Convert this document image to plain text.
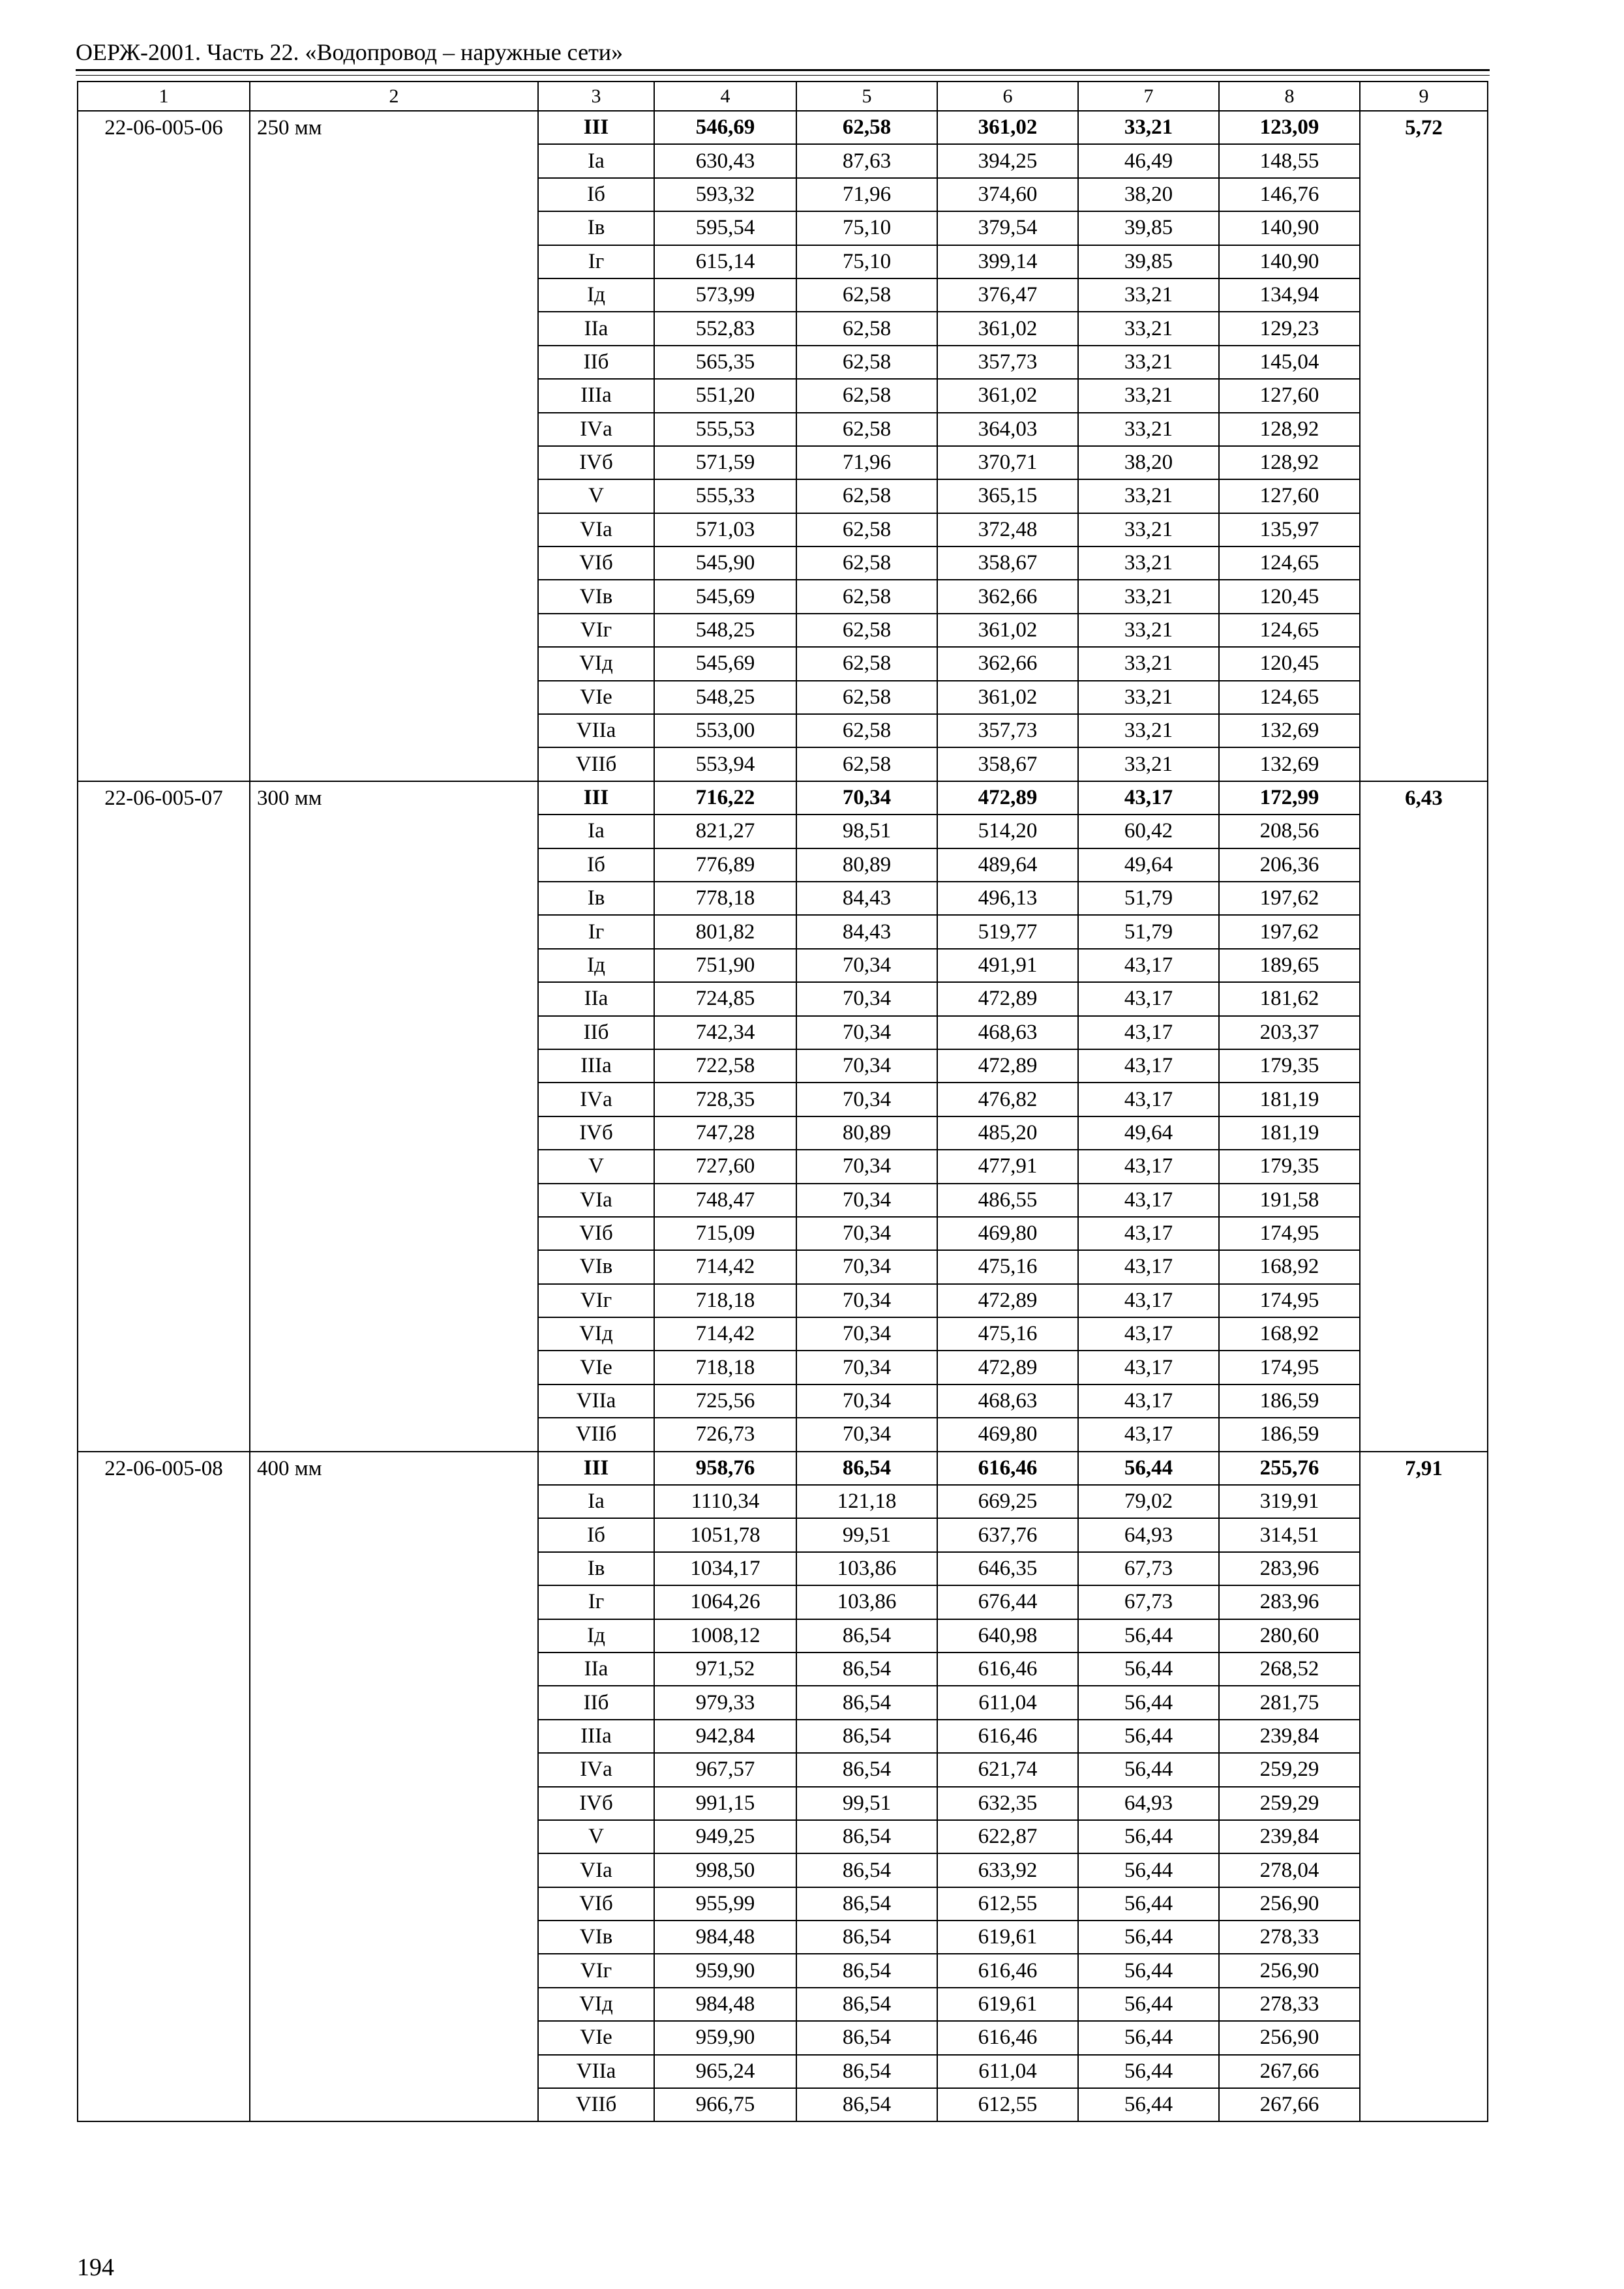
ОЕРЖ-2001. Часть 22. «Водопровод – наружные сети»
1	2	3	4	5	6	7	8	9
22-06-005-06	250 мм	III	546,69	62,58	361,02	33,21	123,09	5,72
		Iа	630,43	87,63	394,25	46,49	148,55	
		Iб	593,32	71,96	374,60	38,20	146,76	
		Iв	595,54	75,10	379,54	39,85	140,90	
		Iг	615,14	75,10	399,14	39,85	140,90	
		Iд	573,99	62,58	376,47	33,21	134,94	
		IIа	552,83	62,58	361,02	33,21	129,23	
		IIб	565,35	62,58	357,73	33,21	145,04	
		IIIа	551,20	62,58	361,02	33,21	127,60	
		IVа	555,53	62,58	364,03	33,21	128,92	
		IVб	571,59	71,96	370,71	38,20	128,92	
		V	555,33	62,58	365,15	33,21	127,60	
		VIа	571,03	62,58	372,48	33,21	135,97	
		VIб	545,90	62,58	358,67	33,21	124,65	
		VIв	545,69	62,58	362,66	33,21	120,45	
		VIг	548,25	62,58	361,02	33,21	124,65	
		VIд	545,69	62,58	362,66	33,21	120,45	
		VIе	548,25	62,58	361,02	33,21	124,65	
		VIIа	553,00	62,58	357,73	33,21	132,69	
		VIIб	553,94	62,58	358,67	33,21	132,69	
22-06-005-07	300 мм	III	716,22	70,34	472,89	43,17	172,99	6,43
		Iа	821,27	98,51	514,20	60,42	208,56	
		Iб	776,89	80,89	489,64	49,64	206,36	
		Iв	778,18	84,43	496,13	51,79	197,62	
		Iг	801,82	84,43	519,77	51,79	197,62	
		Iд	751,90	70,34	491,91	43,17	189,65	
		IIа	724,85	70,34	472,89	43,17	181,62	
		IIб	742,34	70,34	468,63	43,17	203,37	
		IIIа	722,58	70,34	472,89	43,17	179,35	
		IVа	728,35	70,34	476,82	43,17	181,19	
		IVб	747,28	80,89	485,20	49,64	181,19	
		V	727,60	70,34	477,91	43,17	179,35	
		VIа	748,47	70,34	486,55	43,17	191,58	
		VIб	715,09	70,34	469,80	43,17	174,95	
		VIв	714,42	70,34	475,16	43,17	168,92	
		VIг	718,18	70,34	472,89	43,17	174,95	
		VIд	714,42	70,34	475,16	43,17	168,92	
		VIе	718,18	70,34	472,89	43,17	174,95	
		VIIа	725,56	70,34	468,63	43,17	186,59	
		VIIб	726,73	70,34	469,80	43,17	186,59	
22-06-005-08	400 мм	III	958,76	86,54	616,46	56,44	255,76	7,91
		Iа	1110,34	121,18	669,25	79,02	319,91	
		Iб	1051,78	99,51	637,76	64,93	314,51	
		Iв	1034,17	103,86	646,35	67,73	283,96	
		Iг	1064,26	103,86	676,44	67,73	283,96	
		Iд	1008,12	86,54	640,98	56,44	280,60	
		IIа	971,52	86,54	616,46	56,44	268,52	
		IIб	979,33	86,54	611,04	56,44	281,75	
		IIIа	942,84	86,54	616,46	56,44	239,84	
		IVа	967,57	86,54	621,74	56,44	259,29	
		IVб	991,15	99,51	632,35	64,93	259,29	
		V	949,25	86,54	622,87	56,44	239,84	
		VIа	998,50	86,54	633,92	56,44	278,04	
		VIб	955,99	86,54	612,55	56,44	256,90	
		VIв	984,48	86,54	619,61	56,44	278,33	
		VIг	959,90	86,54	616,46	56,44	256,90	
		VIд	984,48	86,54	619,61	56,44	278,33	
		VIе	959,90	86,54	616,46	56,44	256,90	
		VIIа	965,24	86,54	611,04	56,44	267,66	
		VIIб	966,75	86,54	612,55	56,44	267,66	
194
